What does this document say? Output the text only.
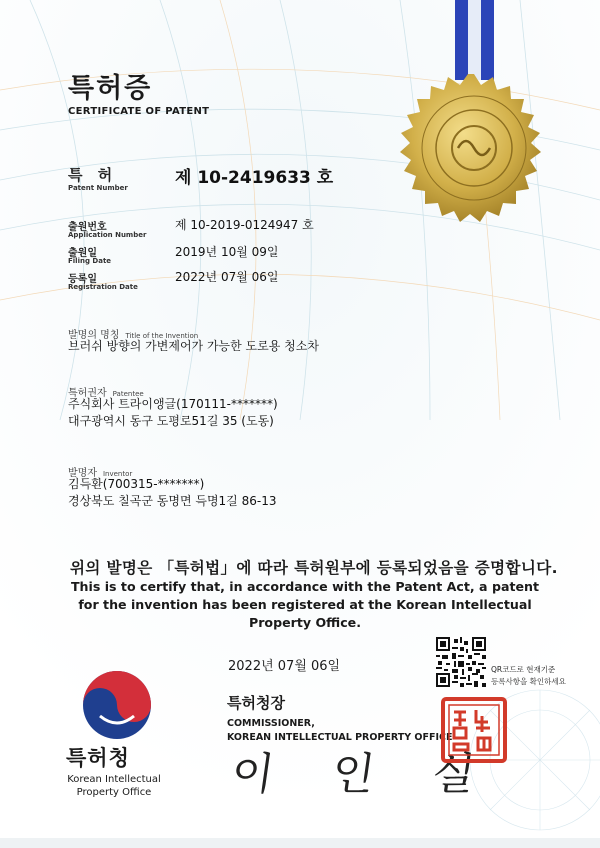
특허증
CERTIFICATE OF PATENT
특 허
Patent Number	제 10-2419633 호
출원번호
Application Number
제 10-2019-0124947 호
출원일
Filing Date
2019년 10월 09일
등록일
Registration Date
2022년 07월 06일
발명의 명칭 Title of the Invention
브러쉬 방향의 가변제어가 가능한 도로용 청소차
특허권자 Patentee
주식회사 트라이앵글(170111-*******)
대구광역시 동구 도평로51길 35 (도동)
발명자 Inventor
김득환(700315-*******)
경상북도 칠곡군 동명면 득명1길 86-13
위의 발명은 「특허법」에 따라 특허원부에 등록되었음을 증명합니다.
This is to certify that, in accordance with the Patent Act, a patent for the invention has been registered at the Korean Intellectual Property Office.
2022년 07월 06일
특허청장
COMMISSIONER,
KOREAN INTELLECTUAL PROPERTY OFFICE
이 인 실
특허청
Korean Intellectual
Property Office
QR코드로 현재기준
등록사항을 확인하세요
